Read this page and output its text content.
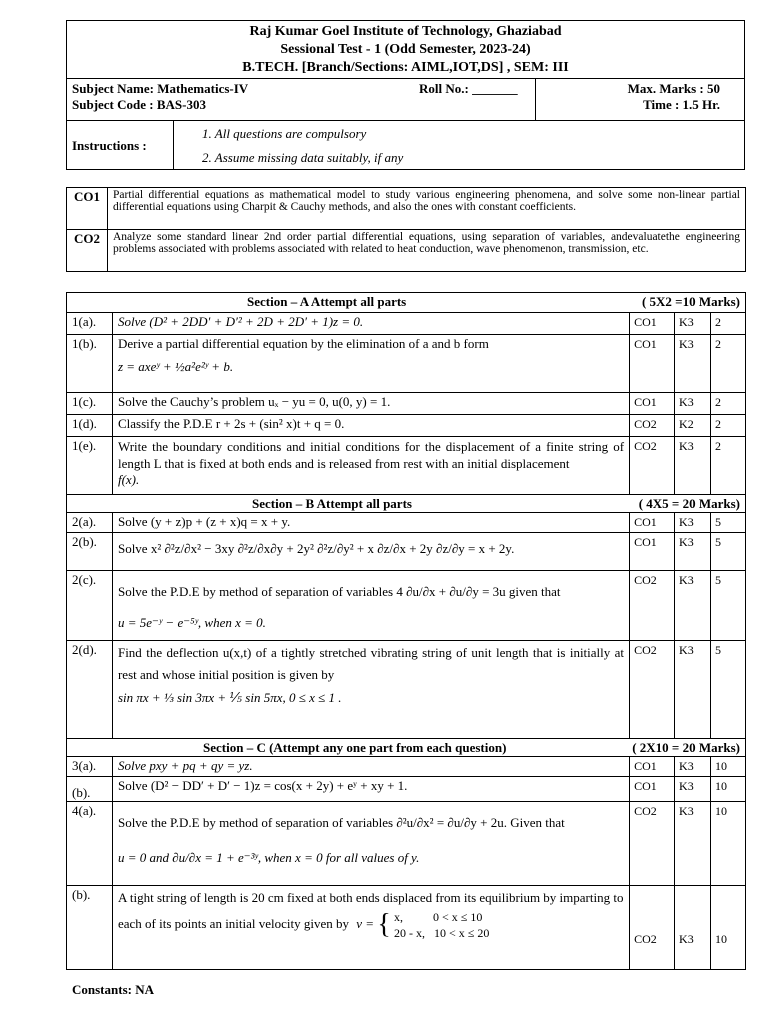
Raj Kumar Goel Institute of Technology, Ghaziabad
Sessional Test - 1 (Odd Semester, 2023-24)
B.TECH. [Branch/Sections: AIML,IOT,DS] , SEM: III
Subject Name: Mathematics-IV
Subject Code : BAS-303
Roll No.: _______	Max. Marks : 50
Time : 1.5 Hr.
Instructions :
1. All questions are compulsory
2. Assume missing data suitably, if any
CO1	Partial differential equations as mathematical model to study various engineering phenomena, and solve some non-linear partial differential equations using Charpit & Cauchy methods, and also the ones with constant coefficients.
CO2	Analyze some standard linear 2nd order partial differential equations, using separation of variables, andevaluatethe engineering problems associated with problems associated with related to heat conduction, wave phenomenon, transmission, etc.
Section – A Attempt all parts ( 5X2 =10 Marks)				

1(a).	Solve (D² + 2DD′ + D′² + 2D + 2D′ + 1)z = 0.	CO1	K3	2
1(b).	Derive a partial differential equation by the elimination of a and b form
z = axeʸ + ½a²e²ʸ + b.	CO1	K3	2
1(c).	Solve the Cauchy’s problem uₓ − yu = 0, u(0, y) = 1.	CO1	K3	2
1(d).	Classify the P.D.E r + 2s + (sin² x)t + q = 0.	CO2	K2	2
1(e).	Write the boundary conditions and initial conditions for the displacement of a finite string of length L that is fixed at both ends and is released from rest with an initial displacement
f(x).	CO2	K3	2

Section – B Attempt all parts ( 4X5 = 20 Marks)				

2(a).	Solve (y + z)p + (z + x)q = x + y.	CO1	K3	5
2(b).	Solve x² ∂²z/∂x² − 3xy ∂²z/∂x∂y + 2y² ∂²z/∂y² + x ∂z/∂x + 2y ∂z/∂y = x + 2y.	CO1	K3	5
2(c).	Solve the P.D.E by method of separation of variables 4 ∂u/∂x + ∂u/∂y = 3u given that
u = 5e⁻ʸ − e⁻⁵ʸ, when x = 0.	CO2	K3	5
2(d).	Find the deflection u(x,t) of a tightly stretched vibrating string of unit length that is initially at rest and whose initial position is given by
sin πx + ⅓ sin 3πx + ⅕ sin 5πx, 0 ≤ x ≤ 1 .	CO2	K3	5

Section – C (Attempt any one part from each question) ( 2X10 = 20 Marks)				

3(a).	Solve pxy + pq + qy = yz.	CO1	K3	10
(b).	Solve (D² − DD′ + D′ − 1)z = cos(x + 2y) + eʸ + xy + 1.	CO1	K3	10
4(a).	Solve the P.D.E by method of separation of variables ∂²u/∂x² = ∂u/∂y + 2u. Given that
u = 0 and ∂u/∂x = 1 + e⁻³ʸ, when x = 0 for all values of y.	CO2	K3	10
(b).	A tight string of length is 20 cm fixed at both ends displaced from its equilibrium by imparting to each of its points an initial velocity given by v = { x,          0 < x ≤ 10
20 - x,   10 < x ≤ 20	CO2	K3	10
Constants: NA
